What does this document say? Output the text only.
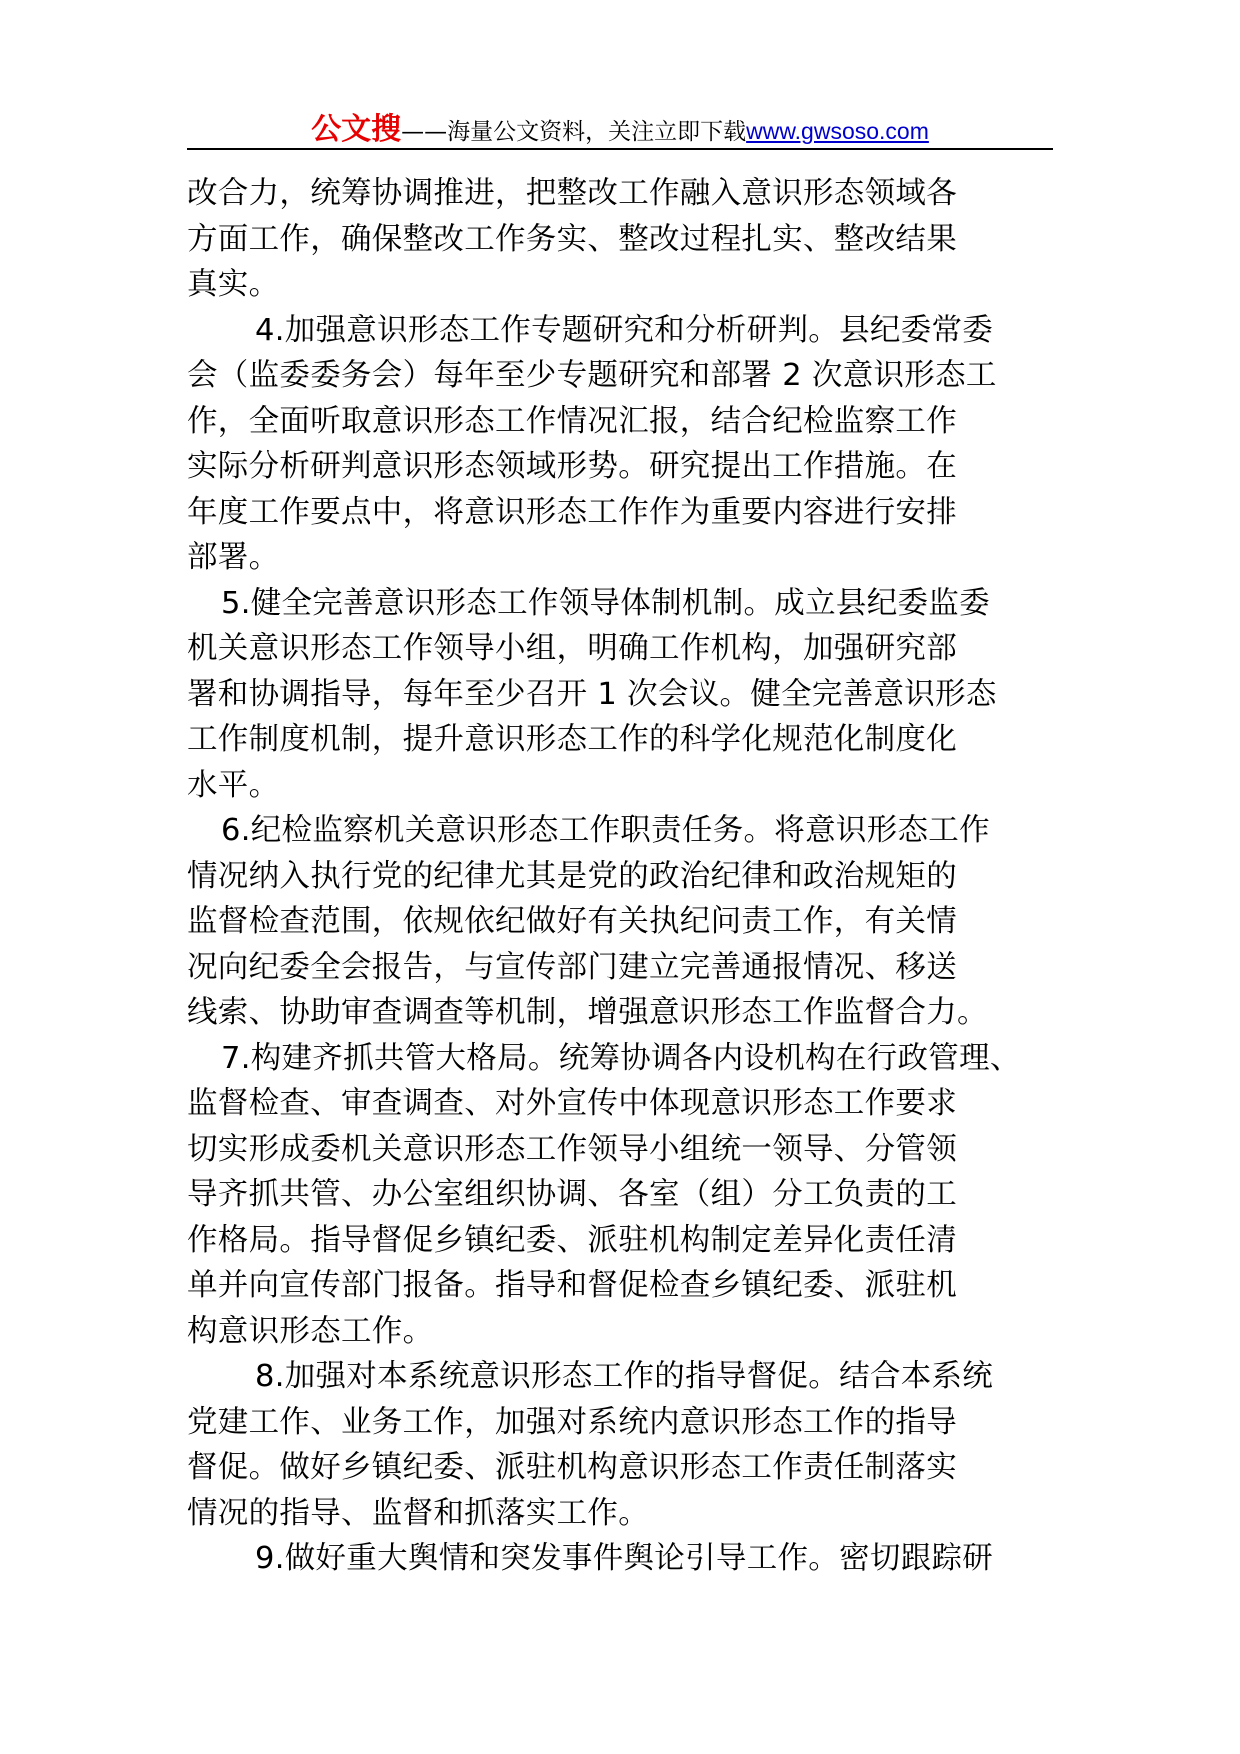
公文搜——海量公文资料，关注立即下载www.gwsoso.com
改合力，统筹协调推进，把整改工作融入意识形态领域各
方面工作，确保整改工作务实、整改过程扎实、整改结果
真实。
4.加强意识形态工作专题研究和分析研判。县纪委常委
会（监委委务会）每年至少专题研究和部署 2 次意识形态工
作，全面听取意识形态工作情况汇报，结合纪检监察工作
实际分析研判意识形态领域形势。研究提出工作措施。在
年度工作要点中，将意识形态工作作为重要内容进行安排
部署。
5.健全完善意识形态工作领导体制机制。成立县纪委监委
机关意识形态工作领导小组，明确工作机构，加强研究部
署和协调指导，每年至少召开 1 次会议。健全完善意识形态
工作制度机制，提升意识形态工作的科学化规范化制度化
水平。
6.纪检监察机关意识形态工作职责任务。将意识形态工作
情况纳入执行党的纪律尤其是党的政治纪律和政治规矩的
监督检查范围，依规依纪做好有关执纪问责工作，有关情
况向纪委全会报告，与宣传部门建立完善通报情况、移送
线索、协助审查调查等机制，增强意识形态工作监督合力。
7.构建齐抓共管大格局。统筹协调各内设机构在行政管理、
监督检查、审查调查、对外宣传中体现意识形态工作要求
切实形成委机关意识形态工作领导小组统一领导、分管领
导齐抓共管、办公室组织协调、各室（组）分工负责的工
作格局。指导督促乡镇纪委、派驻机构制定差异化责任清
单并向宣传部门报备。指导和督促检查乡镇纪委、派驻机
构意识形态工作。
8.加强对本系统意识形态工作的指导督促。结合本系统
党建工作、业务工作，加强对系统内意识形态工作的指导
督促。做好乡镇纪委、派驻机构意识形态工作责任制落实
情况的指导、监督和抓落实工作。
9.做好重大舆情和突发事件舆论引导工作。密切跟踪研
